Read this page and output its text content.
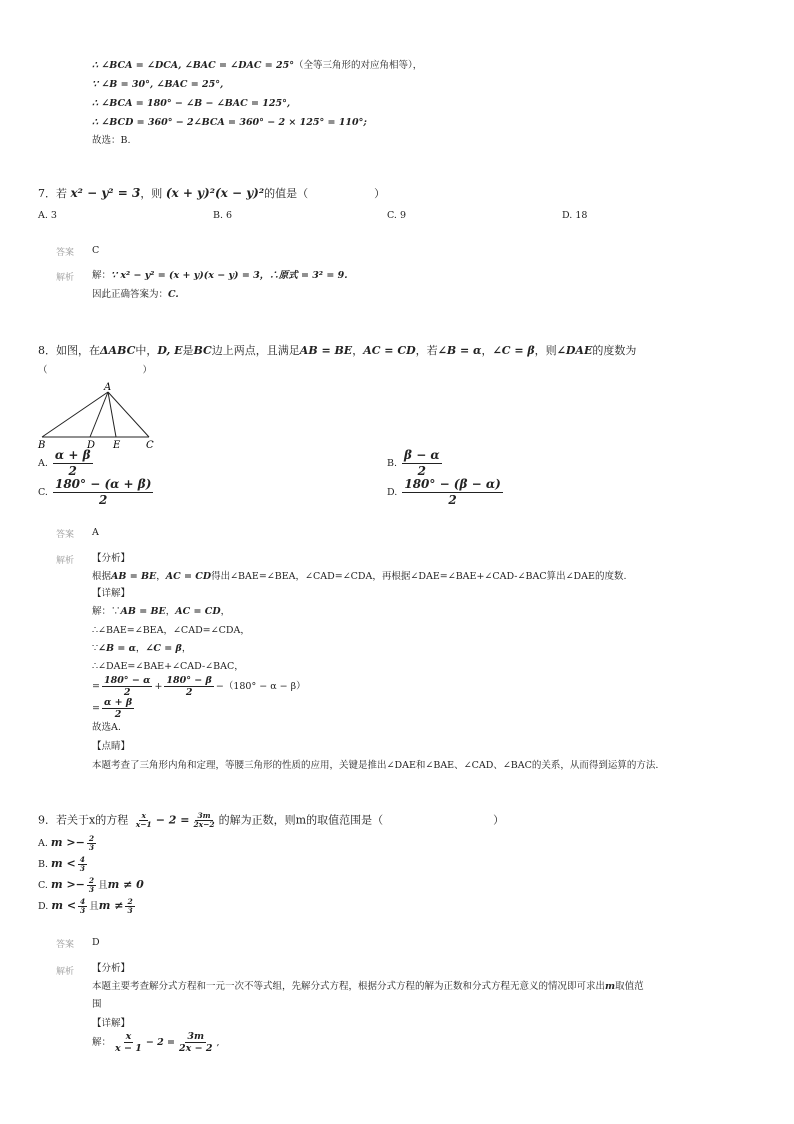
∴ ∠BCA = ∠DCA, ∠BAC = ∠DAC = 25°（全等三角形的对应角相等），
∵ ∠B = 30°, ∠BAC = 25°,
∴ ∠BCA = 180° − ∠B − ∠BAC = 125°,
∴ ∠BCD = 360° − 2∠BCA = 360° − 2 × 125° = 110°;
故选：B.
7．若 x² − y² = 3，则 (x + y)²(x − y)²的值是（　　　　　　）
A. 3	B. 6	C. 9	D. 18
答案 C
解析 解：∵ x² − y² = (x + y)(x − y) = 3，∴原式 = 3² = 9.
因此正确答案为：C.
8．如图，在ΔABC中，D, E是BC边上两点，且满足AB = BE，AC = CD，若∠B = α，∠C = β，则∠DAE的度数为
（　　　　　　　　　　）
A
B	D E	C
A. $\frac{\alpha + \beta}{2}$	B. $\frac{\beta - \alpha}{2}$
C. $\frac{180^\circ - (\alpha + \beta)}{2}$	D. $\frac{180^\circ - (\beta - \alpha)}{2}$
答案 A
解析 【分析】
根据AB = BE，AC = CD得出∠BAE=∠BEA，∠CAD=∠CDA，再根据∠DAE=∠BAE+∠CAD-∠BAC算出∠DAE的度数.
【详解】
解：∵AB = BE，AC = CD，
∴∠BAE=∠BEA，∠CAD=∠CDA，
∵∠B = α，∠C = β，
∴∠DAE=∠BAE+∠CAD-∠BAC，
= $\frac{180^\circ - \alpha}{2} + \frac{180^\circ - \beta}{2} -(180^\circ - \alpha - \beta)$
= $\frac{\alpha + \beta}{2}$
故选A.
【点睛】
本题考查了三角形内角和定理，等腰三角形的性质的应用，关键是推出∠DAE和∠BAE、∠CAD、∠BAC的关系，从而得到运算的方法.
9．若关于x的方程 $\frac{x}{x-1} - 2 = \frac{3m}{2x-2}$ 的解为正数，则m的取值范围是（　　　　　　　　　　）
A. $m >- \frac{2}{3}$
B. $m < \frac{4}{3}$
C. $m >- \frac{2}{3}$ 且m ≠ 0
D. $m < \frac{4}{3}$ 且$m \ne \frac{2}{3}$
答案 D
解析 【分析】
本题主要考查解分式方程和一元一次不等式组，先解分式方程，根据分式方程的解为正数和分式方程无意义的情况即可求出m取值范
围
【详解】
解： $\frac{x}{x - 1} - 2 = \frac{3m}{2x - 2}$ ,
